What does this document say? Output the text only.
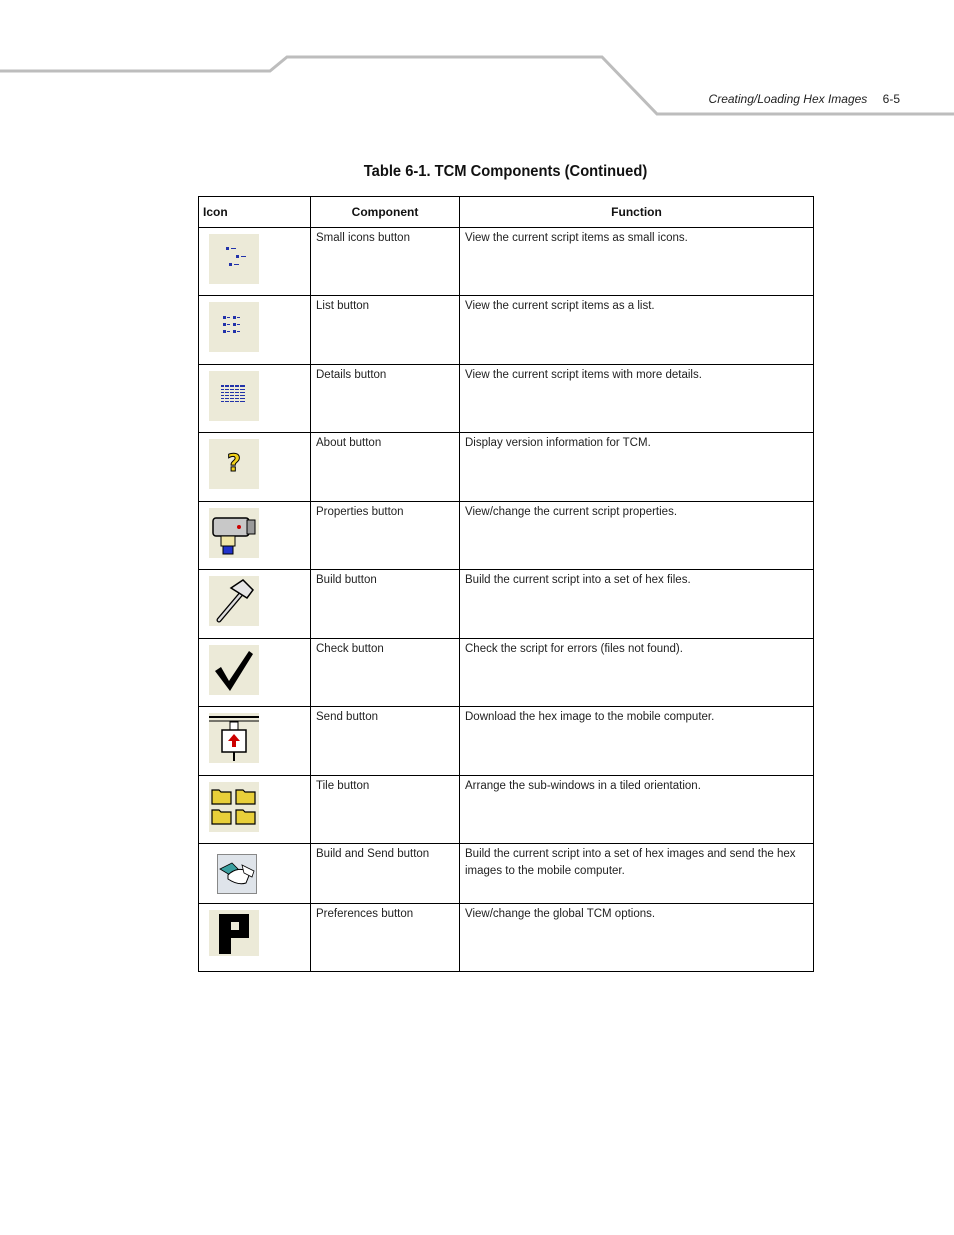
Creating/Loading Hex Images 6-5
Table 6-1. TCM Components (Continued)
Icon	Component	Function

	Small icons button	View the current script items as small icons.

	List button	View the current script items as a list.

	Details button	View the current script items with more details.

?	About button	Display version information for TCM.

	Properties button	View/change the current script properties.

	Build button	Build the current script into a set of hex files.

	Check button	Check the script for errors (files not found).

	Send button	Download the hex image to the mobile computer.

	Tile button	Arrange the sub-windows in a tiled orientation.

	Build and Send button	Build the current script into a set of hex images and send the hex images to the mobile computer.

	Preferences button	View/change the global TCM options.
